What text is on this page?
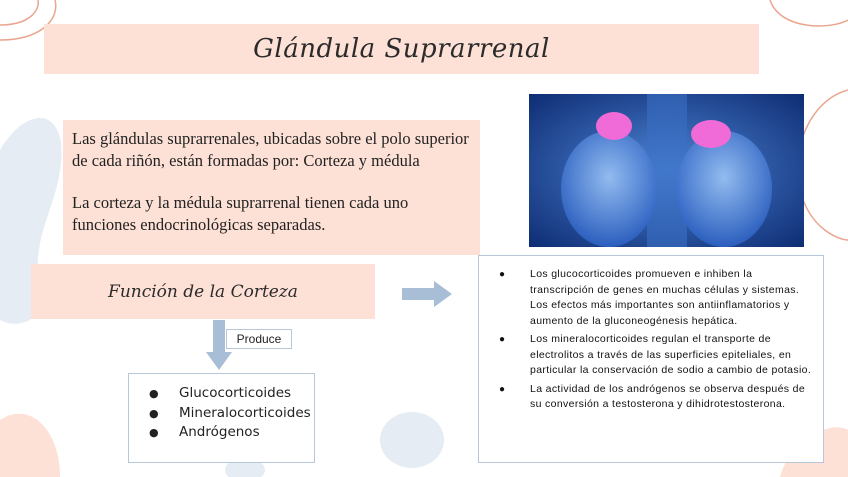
Glándula Suprarrenal

Las glándulas suprarrenales, ubicadas sobre el polo superior de cada riñón, están formadas por: Corteza y médula

La corteza y la médula suprarrenal tienen cada uno funciones endocrinológicas separadas.

Función de la Corteza
Produce
● Glucocorticoides
● Mineralocorticoides
● Andrógenos
● Los glucocorticoides promueven e inhiben la transcripción de genes en muchas células y sistemas. Los efectos más importantes son antiinflamatorios y aumento de la gluconeogénesis hepática.
● Los mineralocorticoides regulan el transporte de electrolitos a través de las superficies epiteliales, en particular la conservación de sodio a cambio de potasio.
● La actividad de los andrógenos se observa después de su conversión a testosterona y dihidrotestosterona.
